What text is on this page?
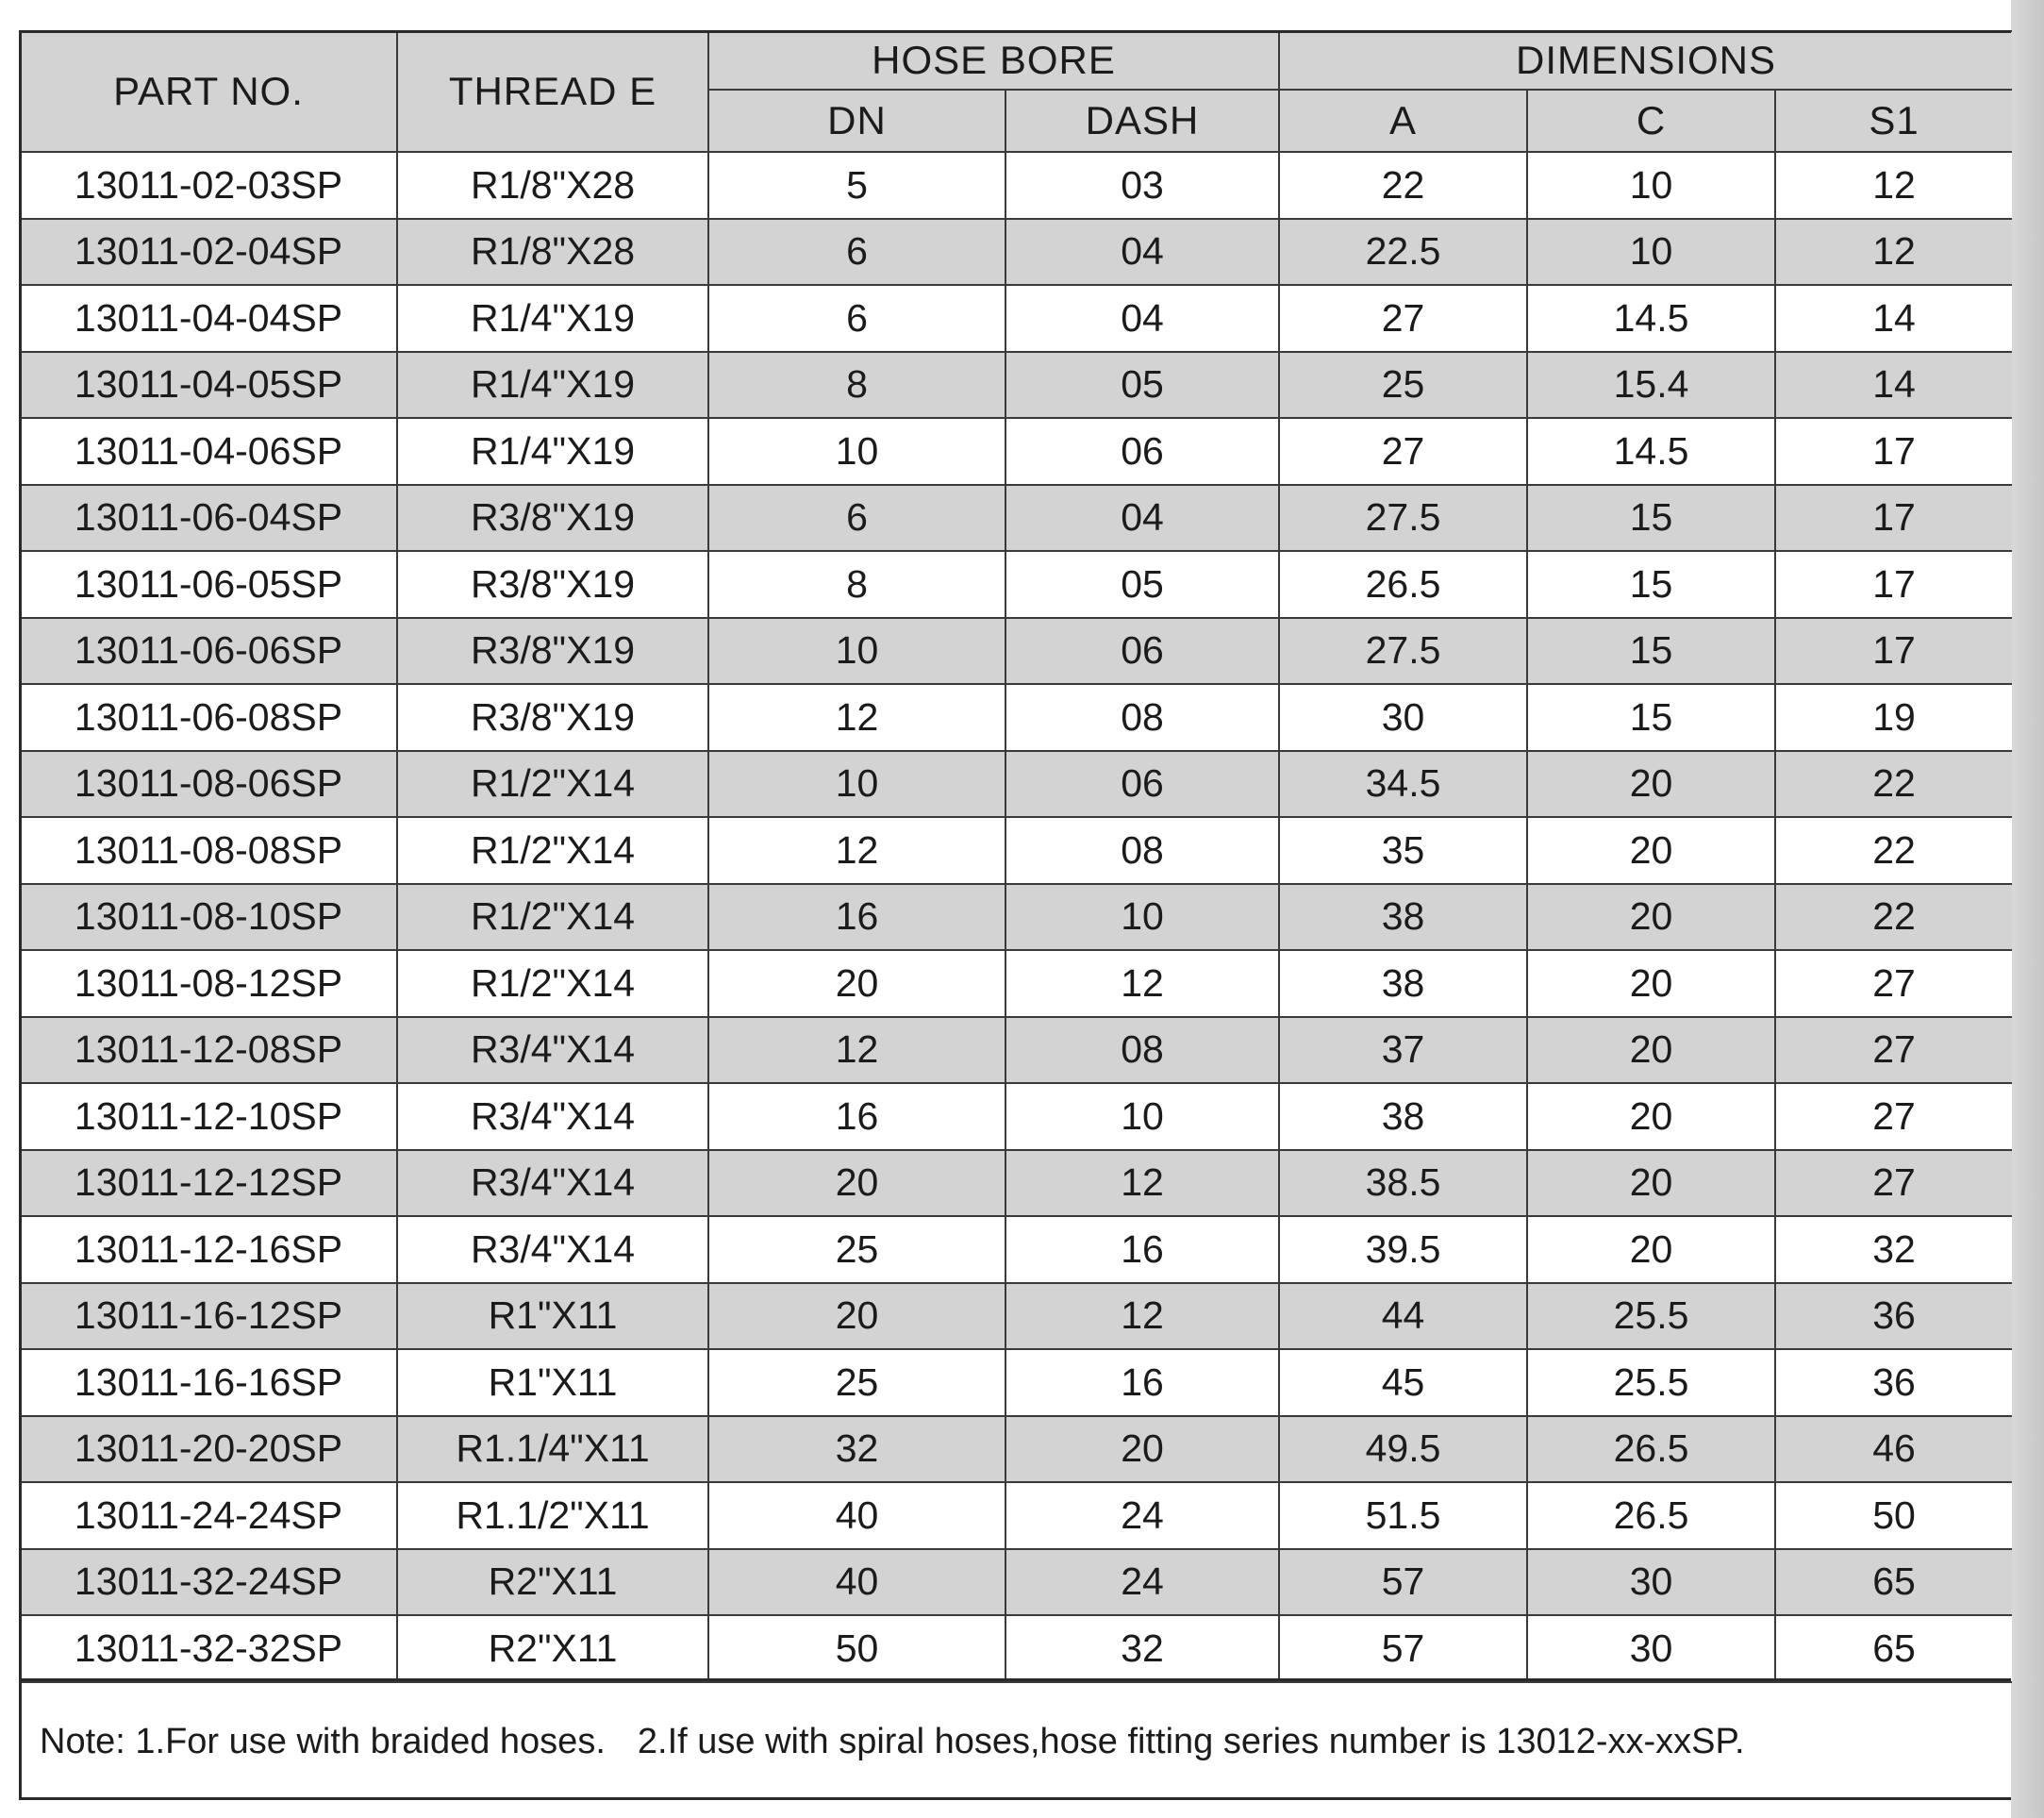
PART NO.	THREAD E	HOSE BORE		DIMENSIONS		
		DN	DASH	A	C	S1
13011-02-03SP	R1/8"X28	5	03	22	10	12
13011-02-04SP	R1/8"X28	6	04	22.5	10	12
13011-04-04SP	R1/4"X19	6	04	27	14.5	14
13011-04-05SP	R1/4"X19	8	05	25	15.4	14
13011-04-06SP	R1/4"X19	10	06	27	14.5	17
13011-06-04SP	R3/8"X19	6	04	27.5	15	17
13011-06-05SP	R3/8"X19	8	05	26.5	15	17
13011-06-06SP	R3/8"X19	10	06	27.5	15	17
13011-06-08SP	R3/8"X19	12	08	30	15	19
13011-08-06SP	R1/2"X14	10	06	34.5	20	22
13011-08-08SP	R1/2"X14	12	08	35	20	22
13011-08-10SP	R1/2"X14	16	10	38	20	22
13011-08-12SP	R1/2"X14	20	12	38	20	27
13011-12-08SP	R3/4"X14	12	08	37	20	27
13011-12-10SP	R3/4"X14	16	10	38	20	27
13011-12-12SP	R3/4"X14	20	12	38.5	20	27
13011-12-16SP	R3/4"X14	25	16	39.5	20	32
13011-16-12SP	R1"X11	20	12	44	25.5	36
13011-16-16SP	R1"X11	25	16	45	25.5	36
13011-20-20SP	R1.1/4"X11	32	20	49.5	26.5	46
13011-24-24SP	R1.1/2"X11	40	24	51.5	26.5	50
13011-32-24SP	R2"X11	40	24	57	30	65
13011-32-32SP	R2"X11	50	32	57	30	65
Note: 1.For use with braided hoses. 2.If use with spiral hoses,hose fitting series number is 13012-xx-xxSP.
